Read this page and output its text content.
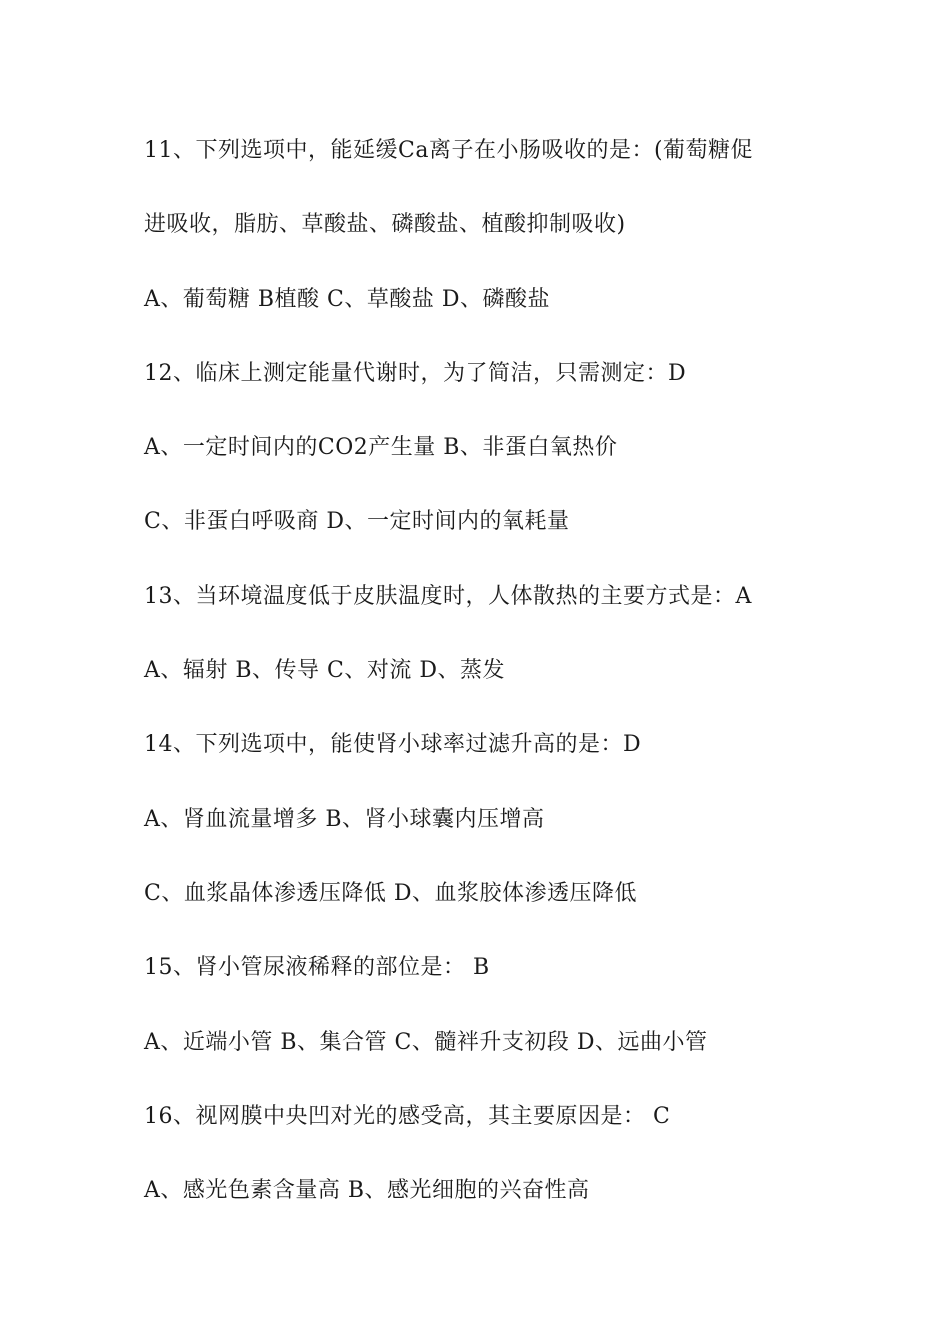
11、下列选项中，能延缓Ca离子在小肠吸收的是：(葡萄糖促
进吸收，脂肪、草酸盐、磷酸盐、植酸抑制吸收)
A、葡萄糖 B植酸 C、草酸盐 D、磷酸盐
12、临床上测定能量代谢时，为了简洁，只需测定：D
A、一定时间内的CO2产生量 B、非蛋白氧热价
C、非蛋白呼吸商 D、一定时间内的氧耗量
13、当环境温度低于皮肤温度时，人体散热的主要方式是：A
A、辐射 B、传导 C、对流 D、蒸发
14、下列选项中，能使肾小球率过滤升高的是：D
A、肾血流量增多 B、肾小球囊内压增高
C、血浆晶体渗透压降低 D、血浆胶体渗透压降低
15、肾小管尿液稀释的部位是： B
A、近端小管 B、集合管 C、髓袢升支初段 D、远曲小管
16、视网膜中央凹对光的感受高，其主要原因是： C
A、感光色素含量高 B、感光细胞的兴奋性高
